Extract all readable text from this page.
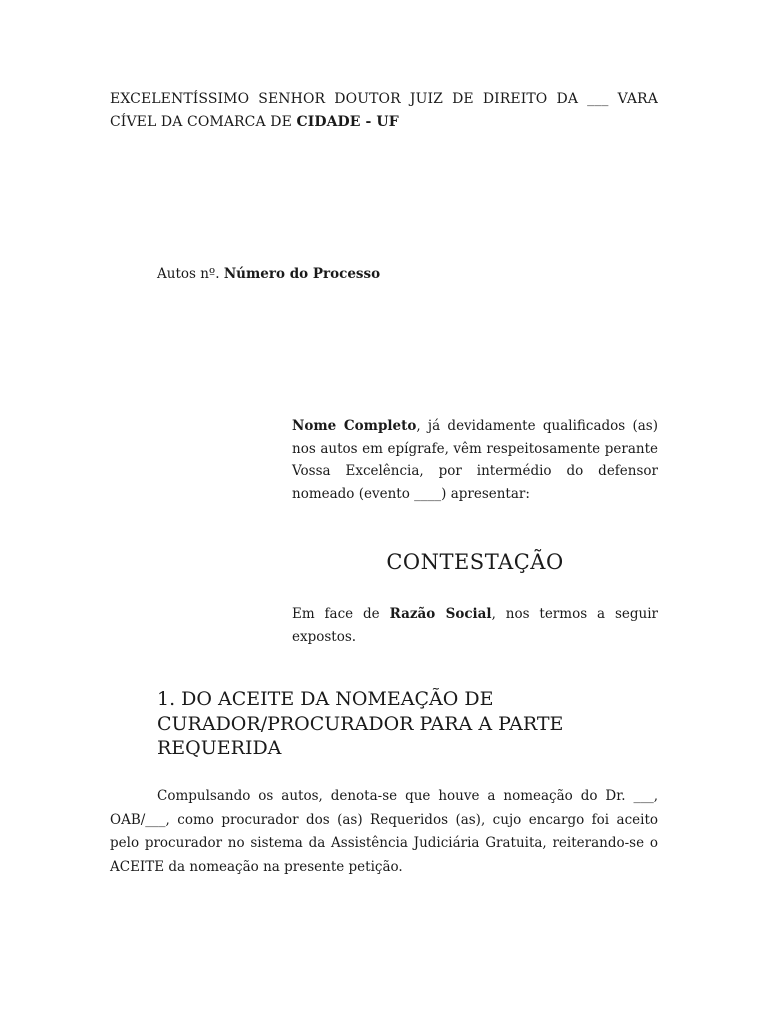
EXCELENTÍSSIMO SENHOR DOUTOR JUIZ DE DIREITO DA ___ VARA
CÍVEL DA COMARCA DE CIDADE - UF
Autos nº. Número do Processo

Nome Completo, já devidamente qualificados (as) nos autos em epígrafe, vêm respeitosamente perante Vossa Excelência, por intermédio do defensor nomeado (evento ____) apresentar:

CONTESTAÇÃO

Em face de Razão Social, nos termos a seguir expostos.

1. DO ACEITE DA NOMEAÇÃO DE CURADOR/PROCURADOR PARA A PARTE REQUERIDA

Compulsando os autos, denota-se que houve a nomeação do Dr. ___, OAB/___, como procurador dos (as) Requeridos (as), cujo encargo foi aceito pelo procurador no sistema da Assistência Judiciária Gratuita, reiterando-se o ACEITE da nomeação na presente petição.
